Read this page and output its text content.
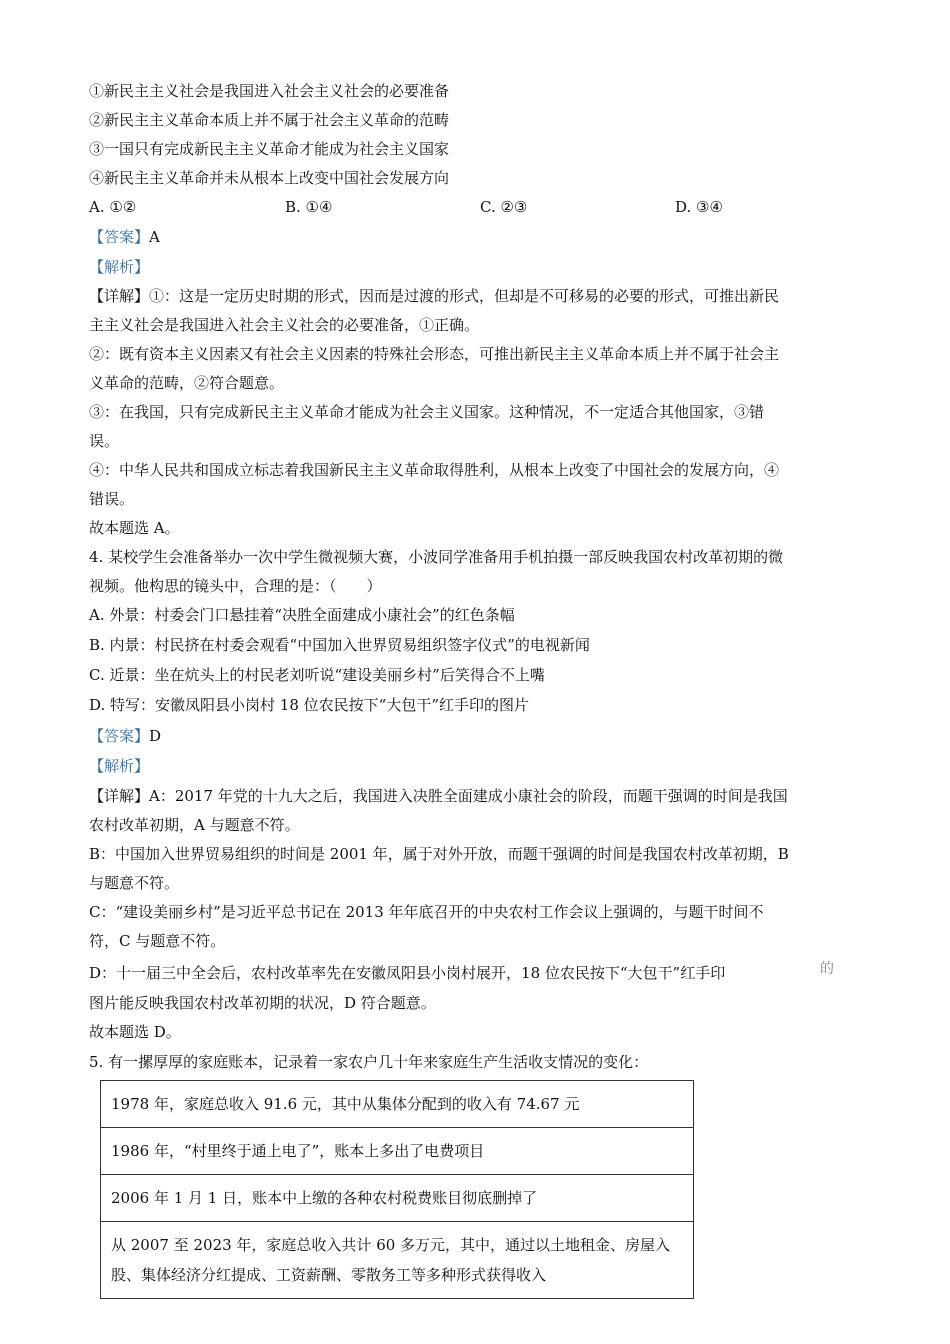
①新民主主义社会是我国进入社会主义社会的必要准备
②新民主主义革命本质上并不属于社会主义革命的范畴
③一国只有完成新民主主义革命才能成为社会主义国家
④新民主主义革命并未从根本上改变中国社会发展方向
A. ①②	B. ①④	C. ②③	D. ③④
【答案】A
【解析】
【详解】①：这是一定历史时期的形式，因而是过渡的形式，但却是不可移易的必要的形式，可推出新民
主主义社会是我国进入社会主义社会的必要准备，①正确。
②：既有资本主义因素又有社会主义因素的特殊社会形态，可推出新民主主义革命本质上并不属于社会主
义革命的范畴，②符合题意。
③：在我国，只有完成新民主主义革命才能成为社会主义国家。这种情况，不一定适合其他国家，③错
误。
④：中华人民共和国成立标志着我国新民主主义革命取得胜利，从根本上改变了中国社会的发展方向，④
错误。
故本题选 A。
4. 某校学生会准备举办一次中学生微视频大赛，小波同学准备用手机拍摄一部反映我国农村改革初期的微
视频。他构思的镜头中，合理的是：（　　）
A. 外景：村委会门口悬挂着“决胜全面建成小康社会”的红色条幅
B. 内景：村民挤在村委会观看“中国加入世界贸易组织签字仪式”的电视新闻
C. 近景：坐在炕头上的村民老刘听说“建设美丽乡村”后笑得合不上嘴
D. 特写：安徽凤阳县小岗村 18 位农民按下“大包干”红手印的图片
【答案】D
【解析】
【详解】A：2017 年党的十九大之后，我国进入决胜全面建成小康社会的阶段，而题干强调的时间是我国
农村改革初期，A 与题意不符。
B：中国加入世界贸易组织的时间是 2001 年，属于对外开放，而题干强调的时间是我国农村改革初期，B
与题意不符。
C：“建设美丽乡村”是习近平总书记在 2013 年年底召开的中央农村工作会议上强调的，与题干时间不
符，C 与题意不符。
D：十一届三中全会后，农村改革率先在安徽凤阳县小岗村展开，18 位农民按下“大包干”红手印	的
图片能反映我国农村改革初期的状况，D 符合题意。
故本题选 D。
5. 有一摞厚厚的家庭账本，记录着一家农户几十年来家庭生产生活收支情况的变化：
1978 年，家庭总收入 91.6 元，其中从集体分配到的收入有 74.67 元
1986 年，“村里终于通上电了”，账本上多出了电费项目
2006 年 1 月 1 日，账本中上缴的各种农村税费账目彻底删掉了
从 2007 至 2023 年，家庭总收入共计 60 多万元，其中，通过以土地租金、房屋入股、集体经济分红提成、工资薪酬、零散务工等多种形式获得收入
